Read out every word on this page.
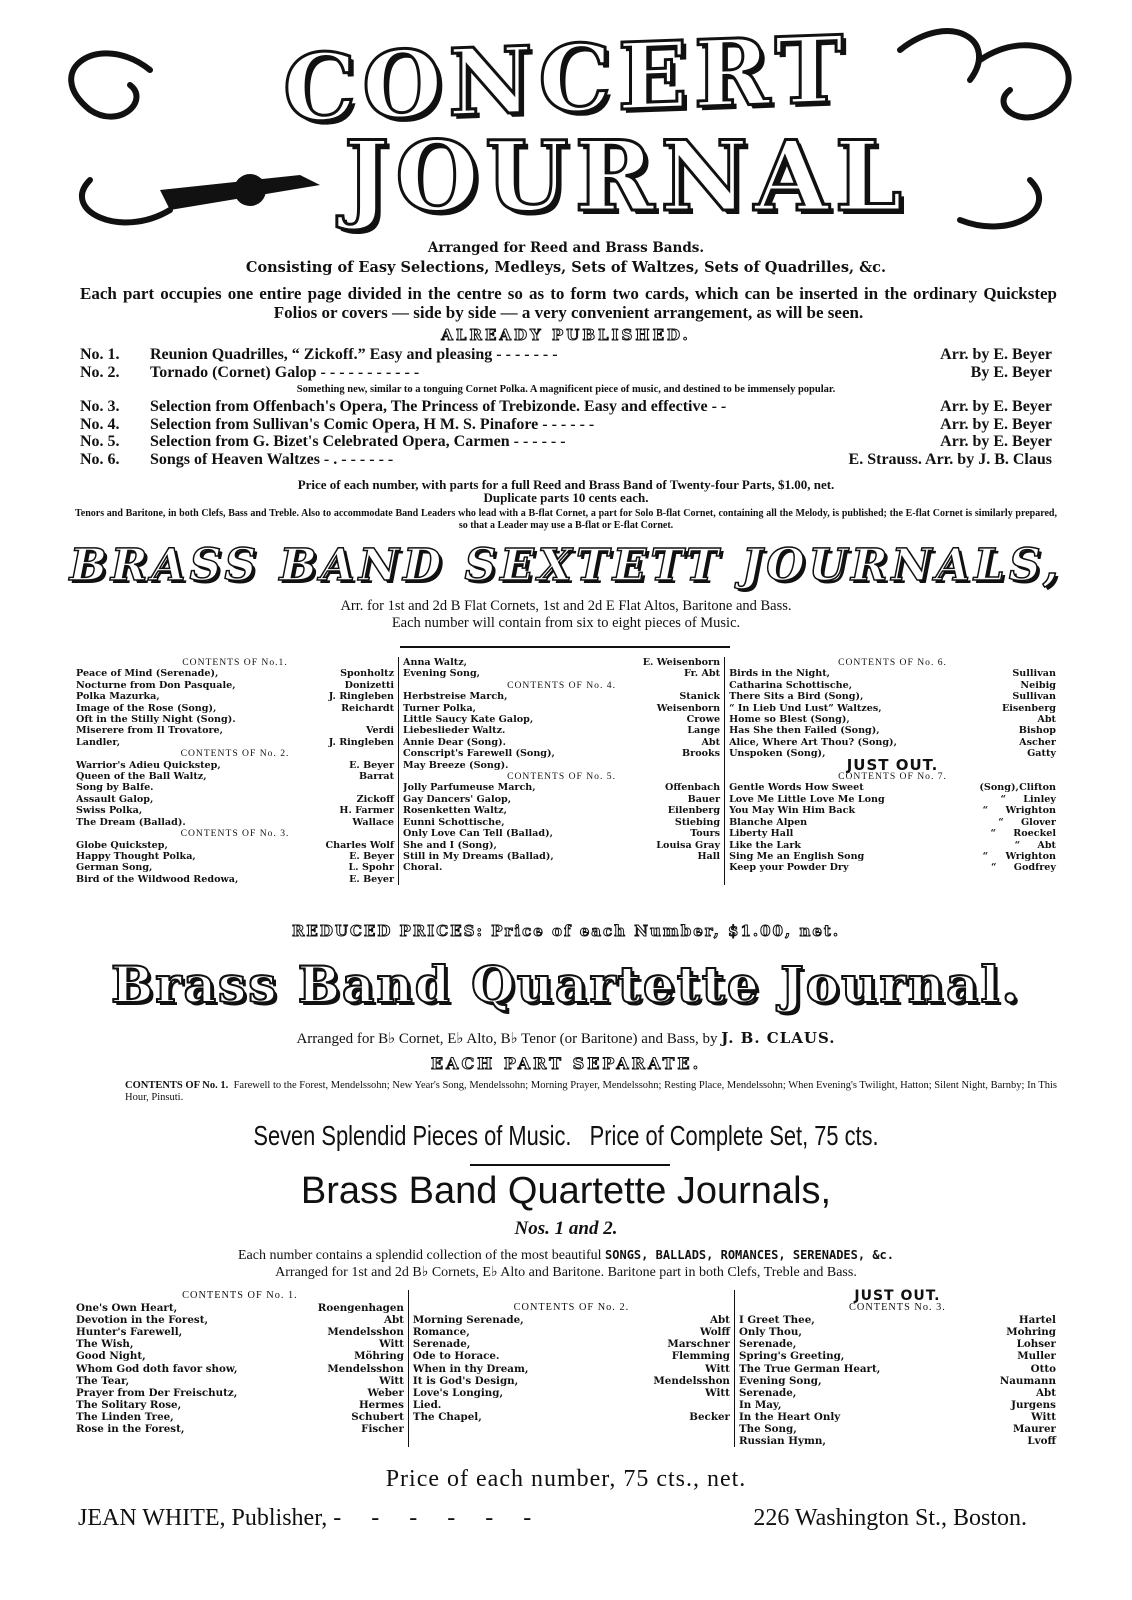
CONCERT
JOURNAL
Arranged for Reed and Brass Bands.
Consisting of Easy Selections, Medleys, Sets of Waltzes, Sets of Quadrilles, &c.
Each part occupies one entire page divided in the centre so as to form two cards, which can be inserted in the ordinary Quickstep Folios or covers — side by side — a very convenient arrangement, as will be seen.
ALREADY PUBLISHED.
No. 1.	Reunion Quadrilles, “ Zickoff.” Easy and pleasing - - - - - - -	Arr. by E. Beyer
No. 2.	Tornado (Cornet) Galop - - - - - - - - - - -	By E. Beyer
Something new, similar to a tonguing Cornet Polka. A magnificent piece of music, and destined to be immensely popular.
No. 3.	Selection from Offenbach's Opera, The Princess of Trebizonde. Easy and effective - -	Arr. by E. Beyer
No. 4.	Selection from Sullivan's Comic Opera, H M. S. Pinafore - - - - - -	Arr. by E. Beyer
No. 5.	Selection from G. Bizet's Celebrated Opera, Carmen - - - - - -	Arr. by E. Beyer
No. 6.	Songs of Heaven Waltzes - . - - - - - -	E. Strauss. Arr. by J. B. Claus
Price of each number, with parts for a full Reed and Brass Band of Twenty-four Parts, $1.00, net.
Duplicate parts 10 cents each.
Tenors and Baritone, in both Clefs, Bass and Treble. Also to accommodate Band Leaders who lead with a B-flat Cornet, a part for Solo B-flat Cornet, containing all the Melody, is published; the E-flat Cornet is similarly prepared, so that a Leader may use a B-flat or E-flat Cornet.
BRASS BAND SEXTETT JOURNALS,
Arr. for 1st and 2d B Flat Cornets, 1st and 2d E Flat Altos, Baritone and Bass.
Each number will contain from six to eight pieces of Music.
CONTENTS OF No.1.
Peace of Mind (Serenade),	Sponholtz
Nocturne from Don Pasquale,	Donizetti
Polka Mazurka,	J. Ringleben
Image of the Rose (Song),	Reichardt
Oft in the Stilly Night (Song).
Miserere from Il Trovatore,	Verdi
Landler,	J. Ringleben
CONTENTS OF No. 2.
Warrior's Adieu Quickstep,	E. Beyer
Queen of the Ball Waltz,	Barrat
Song by Balfe.
Assault Galop,	Zickoff
Swiss Polka,	H. Farmer
The Dream (Ballad).	Wallace
CONTENTS OF No. 3.
Globe Quickstep,	Charles Wolf
Happy Thought Polka,	E. Beyer
German Song,	L. Spohr
Bird of the Wildwood Redowa,	E. Beyer
Anna Waltz,	E. Weisenborn
Evening Song,	Fr. Abt
CONTENTS OF No. 4.
Herbstreise March,	Stanick
Turner Polka,	Weisenborn
Little Saucy Kate Galop,	Crowe
Liebeslieder Waltz.	Lange
Annie Dear (Song).	Abt
Conscript's Farewell (Song),	Brooks
May Breeze (Song).
CONTENTS OF No. 5.
Jolly Parfumeuse March,	Offenbach
Gay Dancers' Galop,	Bauer
Rosenketten Waltz,	Eilenberg
Eunni Schottische,	Stiebing
Only Love Can Tell (Ballad),	Tours
She and I (Song),	Louisa Gray
Still in My Dreams (Ballad),	Hall
Choral.
CONTENTS OF No. 6.
Birds in the Night,	Sullivan
Catharina Schottische,	Neibig
There Sits a Bird (Song),	Sullivan
“ In Lieb Und Lust” Waltzes,	Eisenberg
Home so Blest (Song),	Abt
Has She then Failed (Song),	Bishop
Alice, Where Art Thou? (Song),	Ascher
Unspoken (Song),	Gatty
JUST OUT.
CONTENTS OF No. 7.
Gentle Words How Sweet	(Song), Clifton
Love Me Little Love Me Long	“	Linley
You May Win Him Back	“	Wrighton
Blanche Alpen	“	Glover
Liberty Hall	“	Roeckel
Like the Lark	“	Abt
Sing Me an English Song	“	Wrighton
Keep your Powder Dry	“	Godfrey
REDUCED PRICES: Price of each Number, $1.00, net.
Brass Band Quartette Journal.
Arranged for B♭ Cornet, E♭ Alto, B♭ Tenor (or Baritone) and Bass, by J. B. CLAUS.
EACH PART SEPARATE.
CONTENTS OF No. 1. Farewell to the Forest, Mendelssohn; New Year's Song, Mendelssohn; Morning Prayer, Mendelssohn; Resting Place, Mendelssohn; When Evening's Twilight, Hatton; Silent Night, Barnby; In This Hour, Pinsuti.
Seven Splendid Pieces of Music. Price of Complete Set, 75 cts.
Brass Band Quartette Journals,
Nos. 1 and 2.
Each number contains a splendid collection of the most beautiful SONGS, BALLADS, ROMANCES, SERENADES, &c.
Arranged for 1st and 2d B♭ Cornets, E♭ Alto and Baritone. Baritone part in both Clefs, Treble and Bass.
CONTENTS OF No. 1.
One's Own Heart,	Roengenhagen
Devotion in the Forest,	Abt
Hunter's Farewell,	Mendelsshon
The Wish,	Witt
Good Night,	Möhring
Whom God doth favor show,	Mendelsshon
The Tear,	Witt
Prayer from Der Freischutz,	Weber
The Solitary Rose,	Hermes
The Linden Tree,	Schubert
Rose in the Forest,	Fischer

CONTENTS OF No. 2.
Morning Serenade,	Abt
Romance,	Wolff
Serenade,	Marschner
Ode to Horace.	Flemming
When in thy Dream,	Witt
It is God's Design,	Mendelsshon
Love's Longing,	Witt
Lied.
The Chapel,	Becker
JUST OUT.
CONTENTS No. 3.
I Greet Thee,	Hartel
Only Thou,	Mohring
Serenade,	Lohser
Spring's Greeting,	Muller
The True German Heart,	Otto
Evening Song,	Naumann
Serenade,	Abt
In May,	Jurgens
In the Heart Only	Witt
The Song,	Maurer
Russian Hymn,	Lvoff
Price of each number, 75 cts., net.
JEAN WHITE, Publisher, -     -     -     -     -     -	226 Washington St., Boston.
